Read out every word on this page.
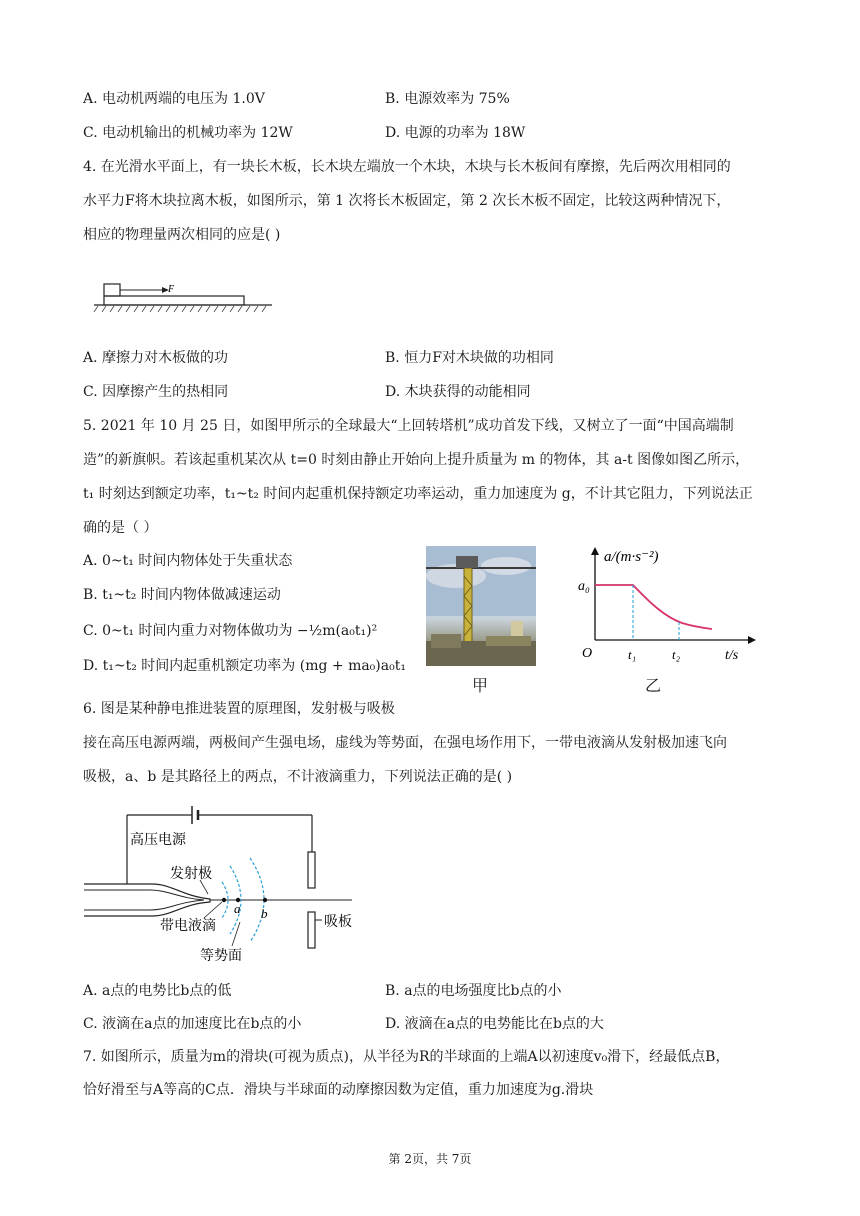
A. 电动机两端的电压为 1.0V	B. 电源效率为 75%
C. 电动机输出的机械功率为 12W	D. 电源的功率为 18W
4. 在光滑水平面上，有一块长木板，长木块左端放一个木块，木块与长木板间有摩擦，先后两次用相同的
水平力F将木块拉离木板，如图所示，第 1 次将长木板固定，第 2 次长木板不固定，比较这两种情况下，
相应的物理量两次相同的应是( )
F
A. 摩擦力对木板做的功	B. 恒力F对木块做的功相同
C. 因摩擦产生的热相同	D. 木块获得的动能相同
5. 2021 年 10 月 25 日，如图甲所示的全球最大“上回转塔机”成功首发下线，又树立了一面“中国高端制
造”的新旗帜。若该起重机某次从 t=0 时刻由静止开始向上提升质量为 m 的物体，其 a-t 图像如图乙所示，
t₁ 时刻达到额定功率，t₁~t₂ 时间内起重机保持额定功率运动，重力加速度为 g，不计其它阻力，下列说法正
确的是（ ）
A. 0~t₁ 时间内物体处于失重状态
B. t₁~t₂ 时间内物体做减速运动
C. 0~t₁ 时间内重力对物体做功为 −½m(a₀t₁)²
D. t₁~t₂ 时间内起重机额定功率为 (mg + ma₀)a₀t₁
甲
a/(m·s⁻²)
a₀
O	t₁	t₂	t/s
乙
6. 图是某种静电推进装置的原理图，发射极与吸极
接在高压电源两端，两极间产生强电场，虚线为等势面，在强电场作用下，一带电液滴从发射极加速飞向
吸极，a、b 是其路径上的两点，不计液滴重力，下列说法正确的是( )
高压电源
吸板
发射极
带电液滴
等势面
a b
A. a点的电势比b点的低	B. a点的电场强度比b点的小
C. 液滴在a点的加速度比在b点的小	D. 液滴在a点的电势能比在b点的大
7. 如图所示，质量为m的滑块(可视为质点)，从半径为R的半球面的上端A以初速度v₀滑下，经最低点B，
恰好滑至与A等高的C点．滑块与半球面的动摩擦因数为定值，重力加速度为g.滑块
第 2页，共 7页
